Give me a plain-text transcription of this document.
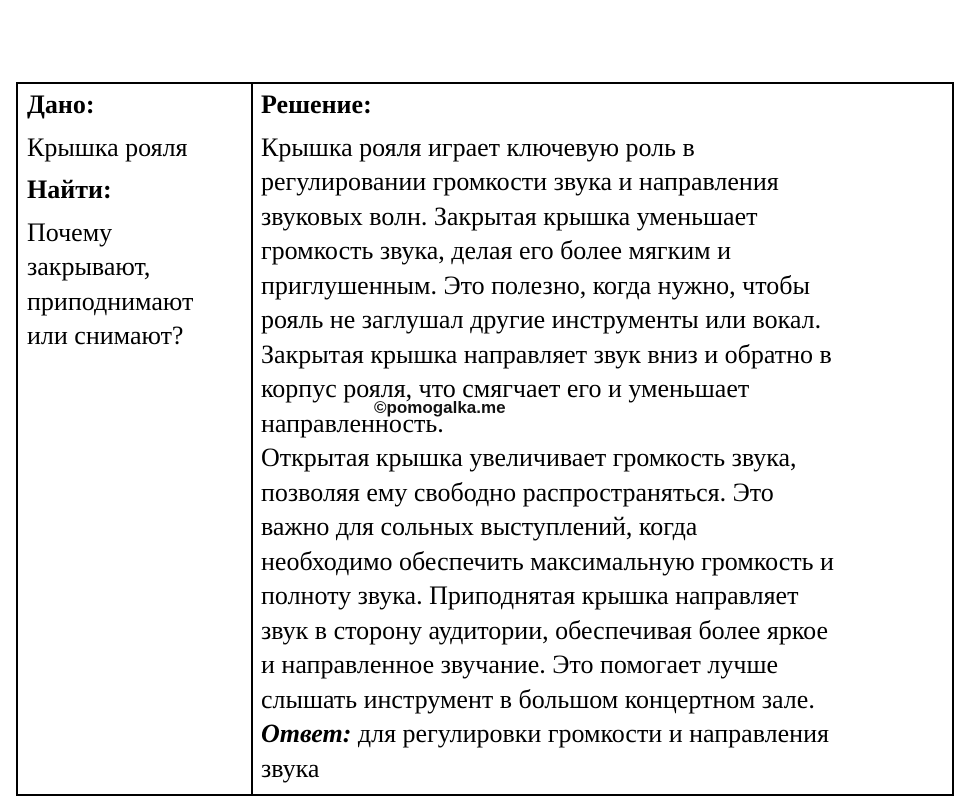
Дано:

Крышка рояля

Найти:

Почему
закрывают,
приподнимают
или снимают?

Решение:

Крышка рояля играет ключевую роль в
регулировании громкости звука и направления
звуковых волн. Закрытая крышка уменьшает
громкость звука, делая его более мягким и
приглушенным. Это полезно, когда нужно, чтобы
рояль не заглушал другие инструменты или вокал.
Закрытая крышка направляет звук вниз и обратно в
корпус рояля, что смягчает его и уменьшает
направленность.

Открытая крышка увеличивает громкость звука,
позволяя ему свободно распространяться. Это
важно для сольных выступлений, когда
необходимо обеспечить максимальную громкость и
полноту звука. Приподнятая крышка направляет
звук в сторону аудитории, обеспечивая более яркое
и направленное звучание. Это помогает лучше
слышать инструмент в большом концертном зале.

Ответ: для регулировки громкости и направления
звука

©pomogalka.me
